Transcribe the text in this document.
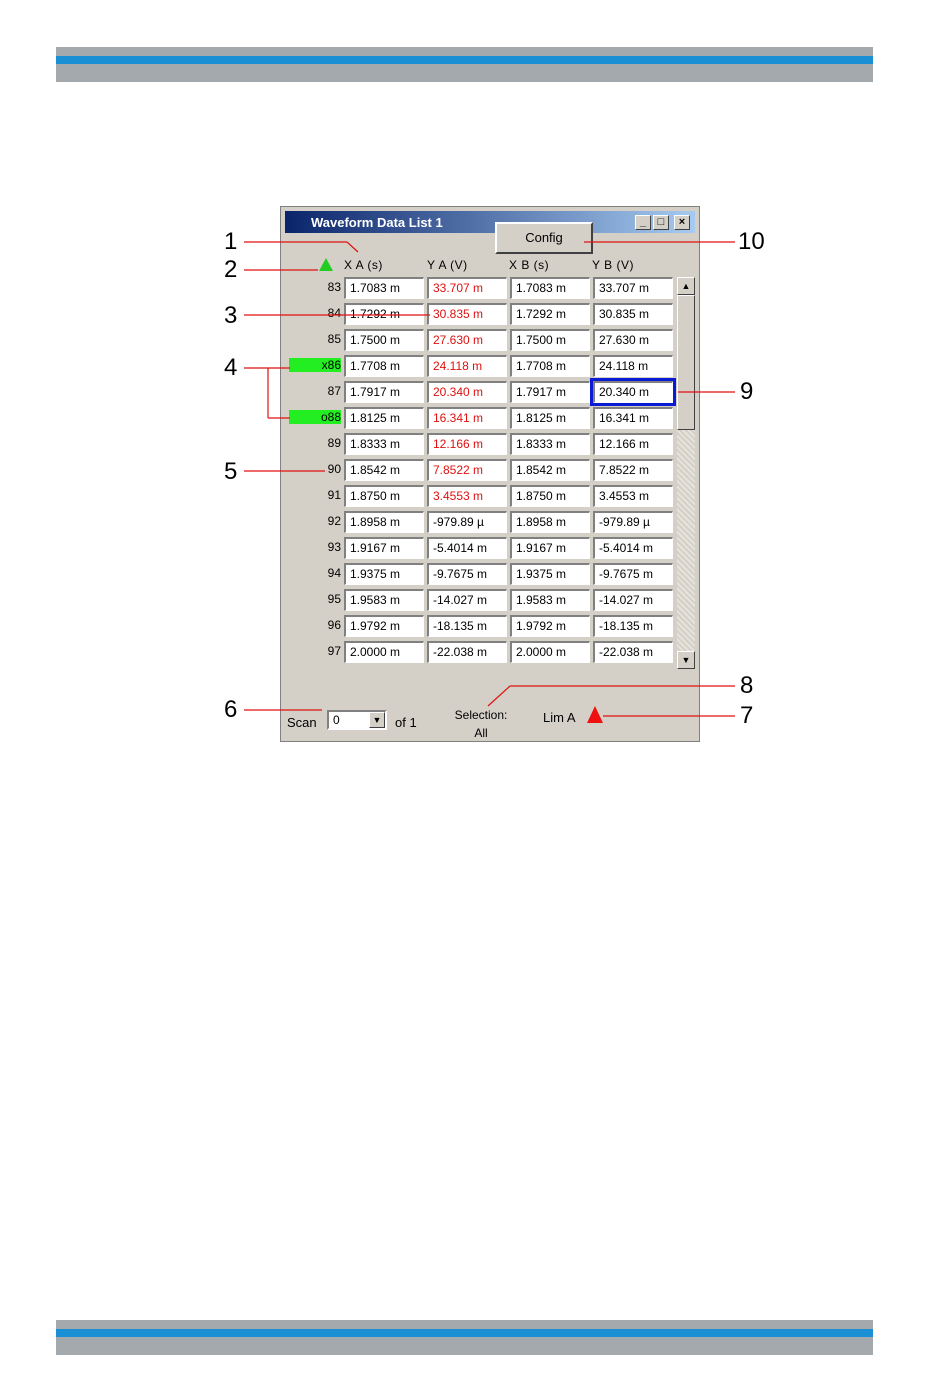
Waveform Data List 1	_	□	×
Config
X A (s)	Y A (V)	X B (s)	Y B (V)
83 1.7083 m	33.707 m	1.7083 m	33.707 m
84 1.7292 m	30.835 m	1.7292 m	30.835 m
85 1.7500 m	27.630 m	1.7500 m	27.630 m
x86 1.7708 m	24.118 m	1.7708 m	24.118 m
87 1.7917 m	20.340 m	1.7917 m	20.340 m
o88 1.8125 m	16.341 m	1.8125 m	16.341 m
89 1.8333 m	12.166 m	1.8333 m	12.166 m
90 1.8542 m	7.8522 m	1.8542 m	7.8522 m
91 1.8750 m	3.4553 m	1.8750 m	3.4553 m
92 1.8958 m	-979.89 µ	1.8958 m	-979.89 µ
93 1.9167 m	-5.4014 m	1.9167 m	-5.4014 m
94 1.9375 m	-9.7675 m	1.9375 m	-9.7675 m
95 1.9583 m	-14.027 m	1.9583 m	-14.027 m
96 1.9792 m	-18.135 m	1.9792 m	-18.135 m
97 2.0000 m	-22.038 m	2.0000 m	-22.038 m
▲
▼
Scan	0	▼ of 1	Selection:
All
Lim A
1
2
3
4
5
6	7
8
9
10
